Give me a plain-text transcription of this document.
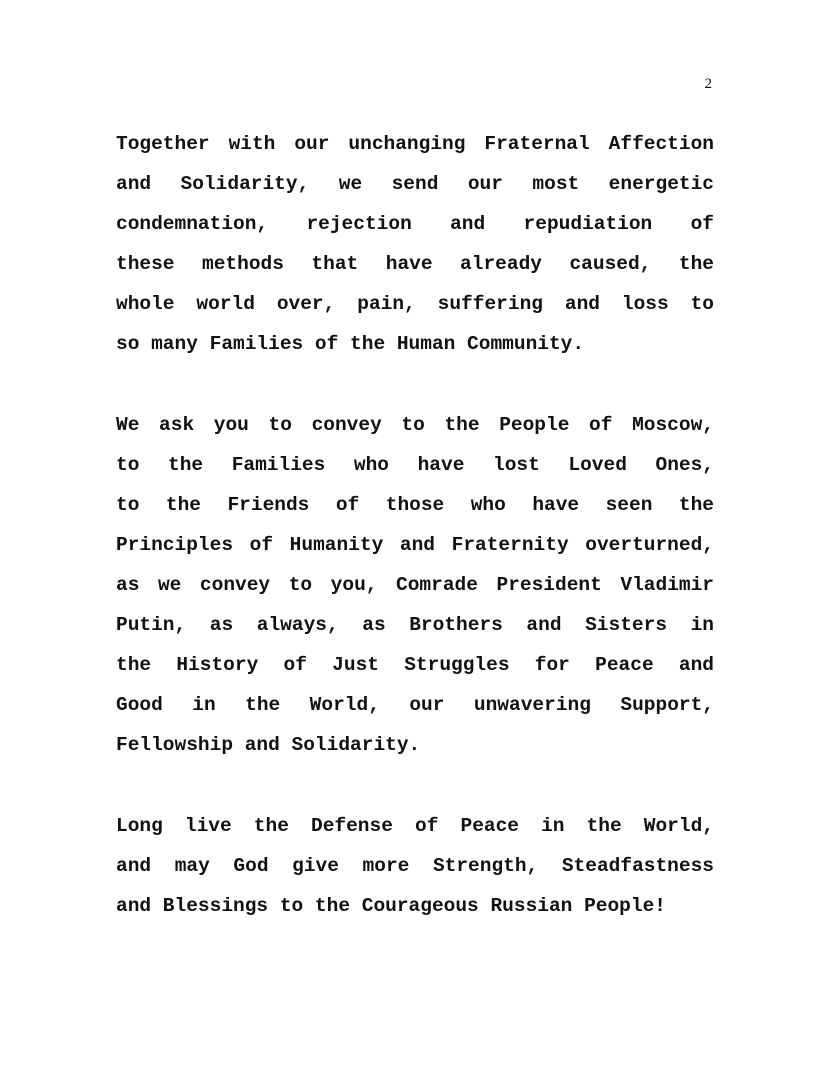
2
Together with our unchanging Fraternal Affection
and Solidarity, we send our most energetic
condemnation, rejection and repudiation of
these methods that have already caused, the
whole world over, pain, suffering and loss to
so many Families of the Human Community.
We ask you to convey to the People of Moscow,
to the Families who have lost Loved Ones,
to the Friends of those who have seen the
Principles of Humanity and Fraternity overturned,
as we convey to you, Comrade President Vladimir
Putin, as always, as Brothers and Sisters in
the History of Just Struggles for Peace and
Good in the World, our unwavering Support,
Fellowship and Solidarity.
Long live the Defense of Peace in the World,
and may God give more Strength, Steadfastness
and Blessings to the Courageous Russian People!
